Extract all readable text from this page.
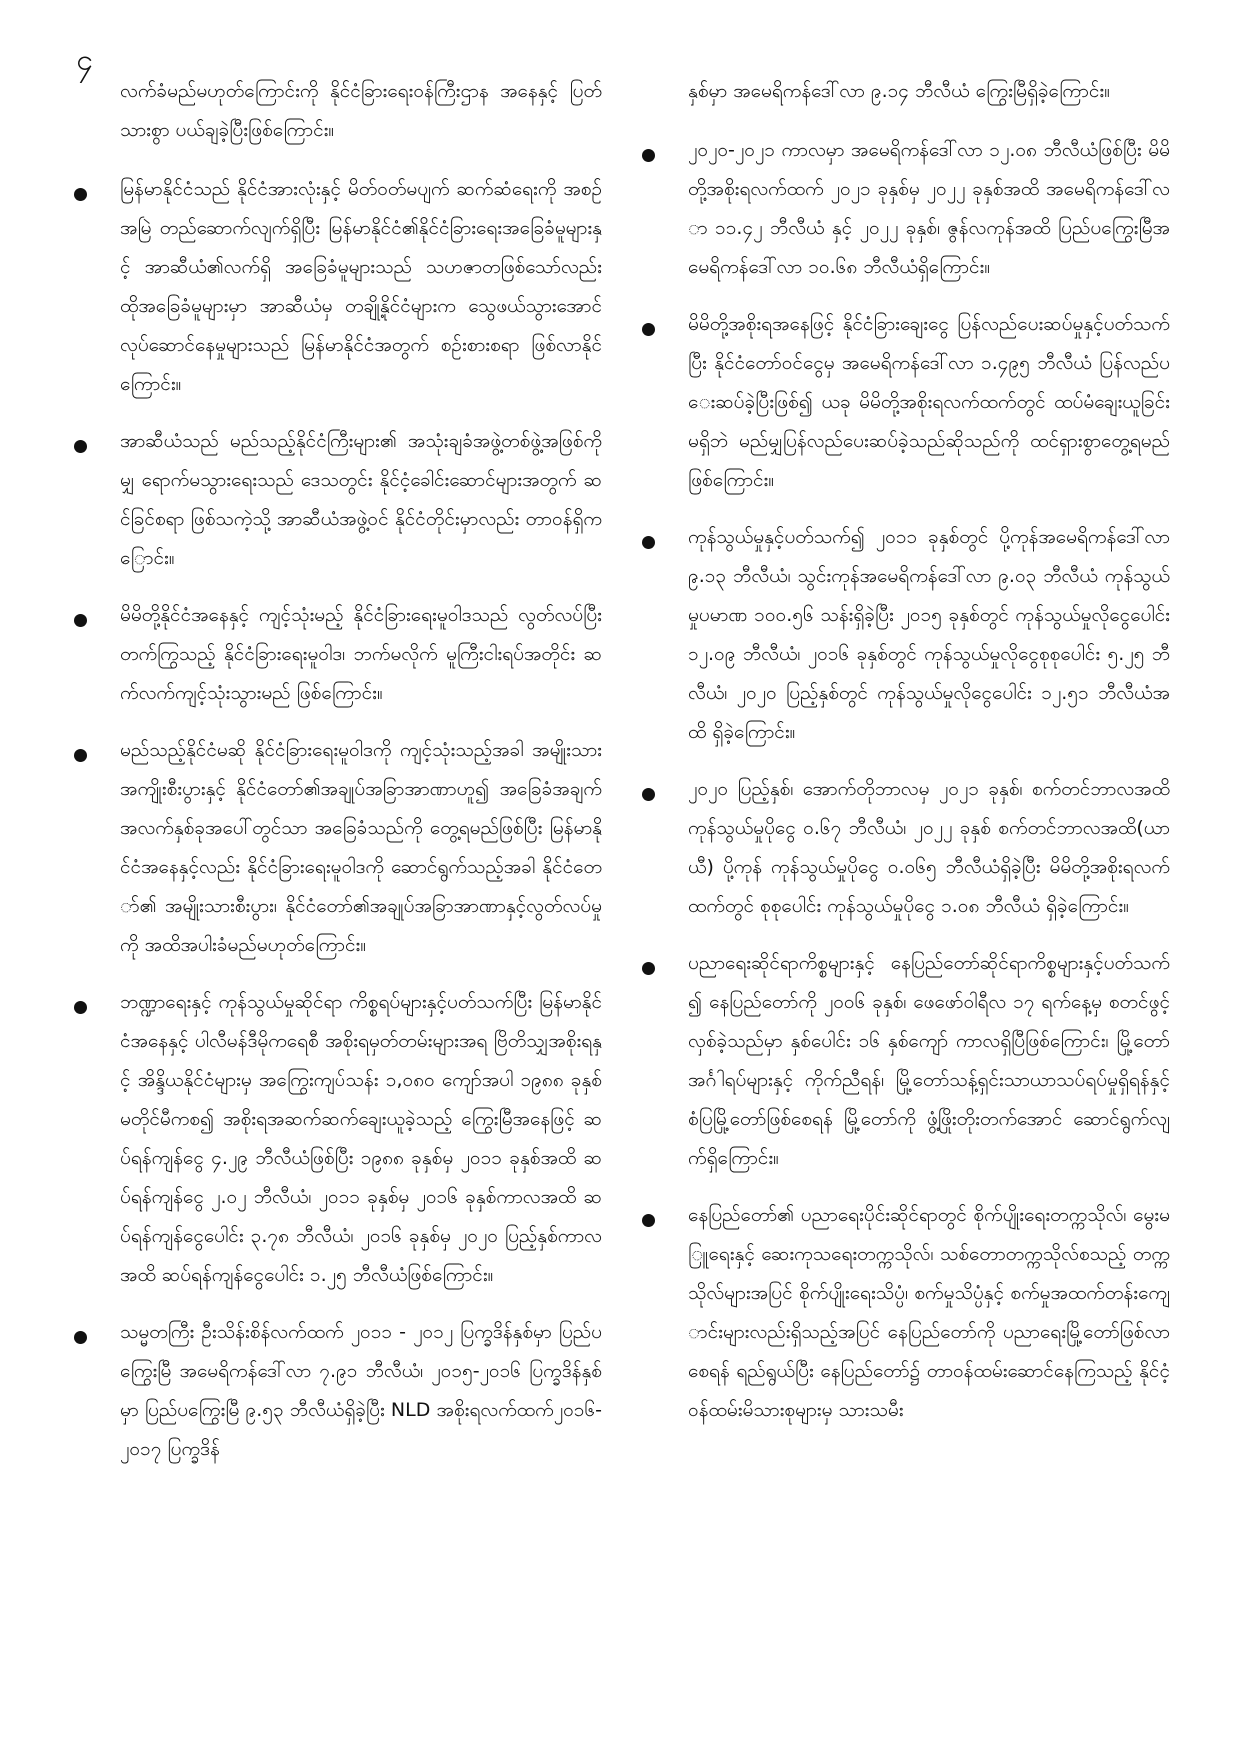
၄
လက်ခံမည်မဟုတ်ကြောင်းကို နိုင်ငံခြားရေးဝန်ကြီးဌာန အနေနှင့် ပြတ်သားစွာ ပယ်ချခဲ့ပြီးဖြစ်ကြောင်း။
မြန်မာနိုင်ငံသည် နိုင်ငံအားလုံးနှင့် မိတ်ဝတ်မပျက် ဆက်ဆံရေးကို အစဉ်အမြဲ တည်ဆောက်လျက်ရှိပြီး မြန်မာနိုင်ငံ၏နိုင်ငံခြားရေးအခြေခံမူများနှင့် အာဆီယံ၏လက်ရှိ အခြေခံမူများသည် သဟဇာတဖြစ်သော်လည်း ထိုအခြေခံမူများမှာ အာဆီယံမှ တချို့နိုင်ငံများက သွေဖယ်သွားအောင် လုပ်ဆောင်နေမှုများသည် မြန်မာနိုင်ငံအတွက် စဉ်းစားစရာ ဖြစ်လာနိုင်ကြောင်း။
အာဆီယံသည် မည်သည့်နိုင်ငံကြီးများ၏ အသုံးချခံအဖွဲ့တစ်ဖွဲ့အဖြစ်ကိုမျှ ရောက်မသွားရေးသည် ဒေသတွင်း နိုင်ငံ့ခေါင်းဆောင်များအတွက် ဆင်ခြင်စရာ ဖြစ်သကဲ့သို့ အာဆီယံအဖွဲ့ဝင် နိုင်ငံတိုင်းမှာလည်း တာဝန်ရှိကြောင်း။
မိမိတို့နိုင်ငံအနေနှင့် ကျင့်သုံးမည့် နိုင်ငံခြားရေးမူဝါဒသည် လွတ်လပ်ပြီးတက်ကြွသည့် နိုင်ငံခြားရေးမူဝါဒ၊ ဘက်မလိုက် မူကြီးငါးရပ်အတိုင်း ဆက်လက်ကျင့်သုံးသွားမည် ဖြစ်ကြောင်း။
မည်သည့်နိုင်ငံမဆို နိုင်ငံခြားရေးမူဝါဒကို ကျင့်သုံးသည့်အခါ အမျိုးသားအကျိုးစီးပွားနှင့် နိုင်ငံတော်၏အချုပ်အခြာအာဏာဟူ၍ အခြေခံအချက်အလက်နှစ်ခုအပေါ်တွင်သာ အခြေခံသည်ကို တွေ့ရမည်ဖြစ်ပြီး မြန်မာနိုင်ငံအနေနှင့်လည်း နိုင်ငံခြားရေးမူဝါဒကို ဆောင်ရွက်သည့်အခါ နိုင်ငံတော်၏ အမျိုးသားစီးပွား၊ နိုင်ငံတော်၏အချုပ်အခြာအာဏာနှင့်လွတ်လပ်မှုကို အထိအပါးခံမည်မဟုတ်ကြောင်း။
ဘဏ္ဍာရေးနှင့် ကုန်သွယ်မှုဆိုင်ရာ ကိစ္စရပ်များနှင့်ပတ်သက်ပြီး မြန်မာနိုင်ငံအနေနှင့် ပါလီမန်ဒီမိုကရေစီ အစိုးရမှတ်တမ်းများအရ ဗြိတိသျှအစိုးရနှင့် အိန္ဒိယနိုင်ငံများမှ အကြွေးကျပ်သန်း ၁,၀၈၀ ကျော်အပါ ၁၉၈၈ ခုနှစ်မတိုင်မီကစ၍ အစိုးရအဆက်ဆက်ချေးယူခဲ့သည့် ကြွေးမြီအနေဖြင့် ဆပ်ရန်ကျန်ငွေ ၄.၂၉ ဘီလီယံဖြစ်ပြီး ၁၉၈၈ ခုနှစ်မှ ၂၀၁၁ ခုနှစ်အထိ ဆပ်ရန်ကျန်ငွေ ၂.၀၂ ဘီလီယံ၊ ၂၀၁၁ ခုနှစ်မှ ၂၀၁၆ ခုနှစ်ကာလအထိ ဆပ်ရန်ကျန်ငွေပေါင်း ၃.၇၈ ဘီလီယံ၊ ၂၀၁၆ ခုနှစ်မှ ၂၀၂၀ ပြည့်နှစ်ကာလအထိ ဆပ်ရန်ကျန်ငွေပေါင်း ၁.၂၅ ဘီလီယံဖြစ်ကြောင်း။
သမ္မတကြီး ဦးသိန်းစိန်လက်ထက် ၂၀၁၁ - ၂၀၁၂ ပြက္ခဒိန်နှစ်မှာ ပြည်ပကြွေးမြီ အမေရိကန်ဒေါ်လာ ၇.၉၁ ဘီလီယံ၊ ၂၀၁၅-၂၀၁၆ ပြက္ခဒိန်နှစ်မှာ ပြည်ပကြွေးမြီ ၉.၅၃ ဘီလီယံရှိခဲ့ပြီး NLD အစိုးရလက်ထက်၂၀၁၆-၂၀၁၇ ပြက္ခဒိန်
နှစ်မှာ အမေရိကန်ဒေါ်လာ ၉.၁၄ ဘီလီယံ ကြွေးမြီရှိခဲ့ကြောင်း။
၂၀၂၀-၂၀၂၁ ကာလမှာ အမေရိကန်ဒေါ်လာ ၁၂.၀၈ ဘီလီယံဖြစ်ပြီး မိမိတို့အစိုးရလက်ထက် ၂၀၂၁ ခုနှစ်မှ ၂၀၂၂ ခုနှစ်အထိ အမေရိကန်ဒေါ်လာ ၁၁.၄၂ ဘီလီယံ နှင့် ၂၀၂၂ ခုနှစ်၊ ဇွန်လကုန်အထိ ပြည်ပကြွေးမြီအမေရိကန်ဒေါ်လာ ၁၀.၆၈ ဘီလီယံရှိကြောင်း။
မိမိတို့အစိုးရအနေဖြင့် နိုင်ငံခြားချေးငွေ ပြန်လည်ပေးဆပ်မှုနှင့်ပတ်သက်ပြီး နိုင်ငံတော်ဝင်ငွေမှ အမေရိကန်ဒေါ်လာ ၁.၄၉၅ ဘီလီယံ ပြန်လည်ပေးဆပ်ခဲ့ပြီးဖြစ်၍ ယခု မိမိတို့အစိုးရလက်ထက်တွင် ထပ်မံချေးယူခြင်းမရှိဘဲ မည်မျှပြန်လည်ပေးဆပ်ခဲ့သည်ဆိုသည်ကို ထင်ရှားစွာတွေ့ရမည်ဖြစ်ကြောင်း။
ကုန်သွယ်မှုနှင့်ပတ်သက်၍ ၂၀၁၁ ခုနှစ်တွင် ပို့ကုန်အမေရိကန်ဒေါ်လာ ၉.၁၃ ဘီလီယံ၊ သွင်းကုန်အမေရိကန်ဒေါ်လာ ၉.၀၃ ဘီလီယံ ကုန်သွယ်မှုပမာဏ ၁၀၀.၅၆ သန်းရှိခဲ့ပြီး ၂၀၁၅ ခုနှစ်တွင် ကုန်သွယ်မှုလိုငွေပေါင်း ၁၂.၀၉ ဘီလီယံ၊ ၂၀၁၆ ခုနှစ်တွင် ကုန်သွယ်မှုလိုငွေစုစုပေါင်း ၅.၂၅ ဘီလီယံ၊ ၂၀၂၀ ပြည့်နှစ်တွင် ကုန်သွယ်မှုလိုငွေပေါင်း ၁၂.၅၁ ဘီလီယံအထိ ရှိခဲ့ကြောင်း။
၂၀၂၀ ပြည့်နှစ်၊ အောက်တိုဘာလမှ ၂၀၂၁ ခုနှစ်၊ စက်တင်ဘာလအထိ ကုန်သွယ်မှုပိုငွေ ၀.၆၇ ဘီလီယံ၊ ၂၀၂၂ ခုနှစ် စက်တင်ဘာလအထိ(ယာယီ) ပို့ကုန် ကုန်သွယ်မှုပိုငွေ ၀.၀၆၅ ဘီလီယံရှိခဲ့ပြီး မိမိတို့အစိုးရလက်ထက်တွင် စုစုပေါင်း ကုန်သွယ်မှုပိုငွေ ၁.၀၈ ဘီလီယံ ရှိခဲ့ကြောင်း။
ပညာရေးဆိုင်ရာကိစ္စများနှင့် နေပြည်တော်ဆိုင်ရာကိစ္စများနှင့်ပတ်သက်၍ နေပြည်တော်ကို ၂၀၀၆ ခုနှစ်၊ ဖေဖော်ဝါရီလ ၁၇ ရက်နေ့မှ စတင်ဖွင့်လှစ်ခဲ့သည်မှာ နှစ်ပေါင်း ၁၆ နှစ်ကျော် ကာလရှိပြီဖြစ်ကြောင်း၊ မြို့တော်အင်္ဂါရပ်များနှင့် ကိုက်ညီရန်၊ မြို့တော်သန့်ရှင်းသာယာသပ်ရပ်မှုရှိရန်နှင့် စံပြမြို့တော်ဖြစ်စေရန် မြို့တော်ကို ဖွံ့ဖြိုးတိုးတက်အောင် ဆောင်ရွက်လျက်ရှိကြောင်း။
နေပြည်တော်၏ ပညာရေးပိုင်းဆိုင်ရာတွင် စိုက်ပျိုးရေးတက္ကသိုလ်၊ မွေးမြူရေးနှင့် ဆေးကုသရေးတက္ကသိုလ်၊ သစ်တောတက္ကသိုလ်စသည့် တက္ကသိုလ်များအပြင် စိုက်ပျိုးရေးသိပ္ပံ၊ စက်မှုသိပ္ပံနှင့် စက်မှုအထက်တန်းကျောင်းများလည်းရှိသည့်အပြင် နေပြည်တော်ကို ပညာရေးမြို့တော်ဖြစ်လာစေရန် ရည်ရွယ်ပြီး နေပြည်တော်၌ တာဝန်ထမ်းဆောင်နေကြသည့် နိုင်ငံ့ဝန်ထမ်းမိသားစုများမှ သားသမီး
